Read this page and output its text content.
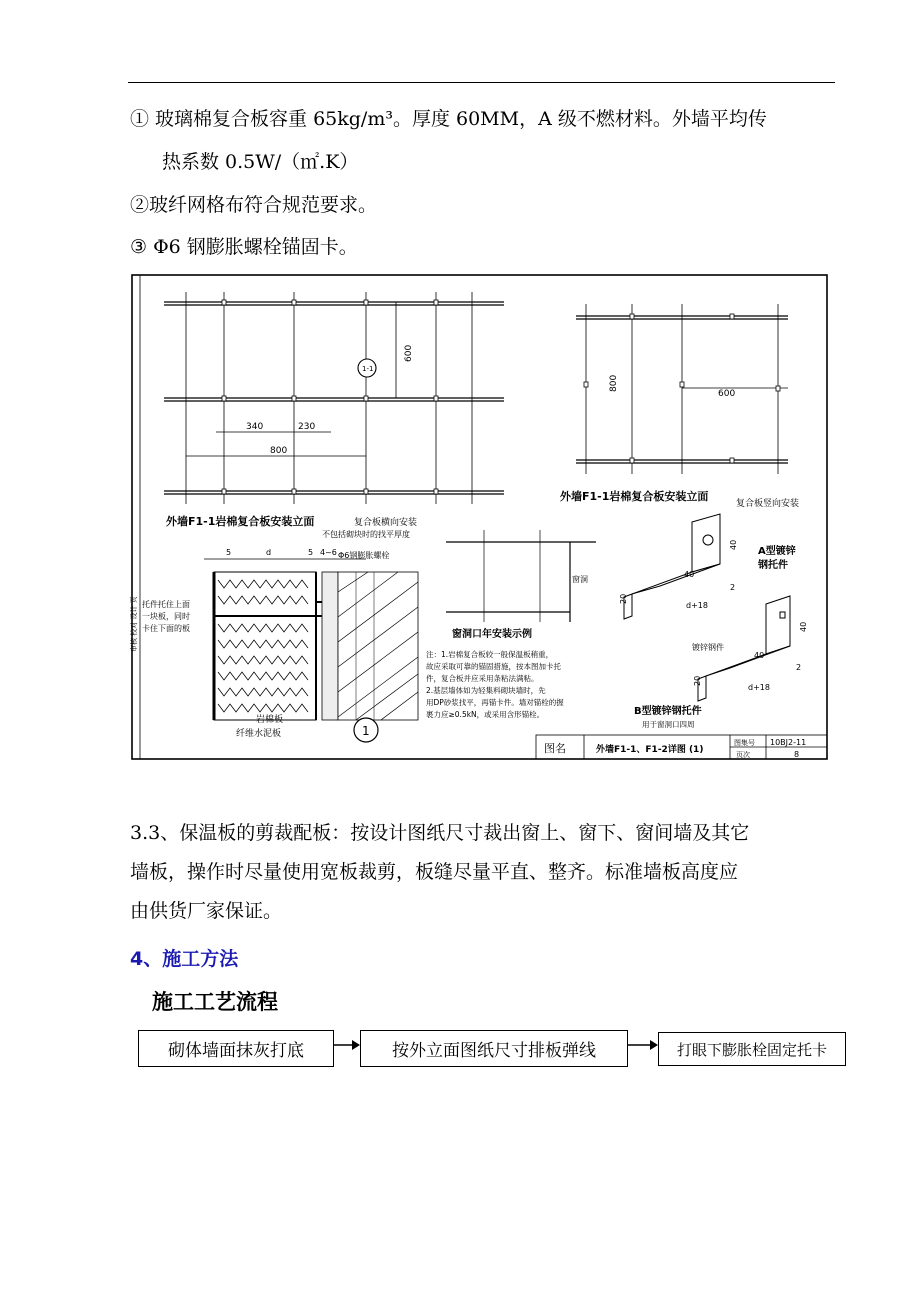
① 玻璃棉复合板容重 65kg/m³。厚度 60MM，A 级不燃材料。外墙平均传
热系数 0.5W/（㎡.K）
②玻纤网格布符合规范要求。
③ Φ6 钢膨胀螺栓锚固卡。
审核 校对 设计 页
340	230
800
600
1-1
外墙F1-1岩棉复合板安装立面	复合板横向安装
800
600
外墙F1-1岩棉复合板安装立面
复合板竖向安装
5	d	5 4~6
不包括砌块时的找平厚度
Φ6钢膨胀螺栓
托件托住上面
一块板，同时
卡住下面的板
岩棉板
纤维水泥板	1
窗洞
窗洞口年安装示例
注：1.岩棉复合板较一般保温板稍重，
故应采取可靠的锚固措施，按本图加卡托
件，复合板并应采用条粘法满粘。
2.基层墙体如为轻集料砌块墙时，先
用DP砂浆找平，再锚卡件。墙对锚栓的握
裹力应≥0.5kN，或采用含形锚栓。
A型镀锌
钢托件
40
40
2
20
d+18
40
40
2
20
d+18
镀锌钢件
B型镀锌钢托件
用于窗洞口四周
图名	外墙F1-1、F1-2详图 (1)
图集号 10BJ2-11
页次	8
3.3、保温板的剪裁配板：按设计图纸尺寸裁出窗上、窗下、窗间墙及其它
墙板，操作时尽量使用宽板裁剪，板缝尽量平直、整齐。标准墙板高度应
由供货厂家保证。
4、施工方法
施工工艺流程
砌体墙面抹灰打底	按外立面图纸尺寸排板弹线	打眼下膨胀栓固定托卡
